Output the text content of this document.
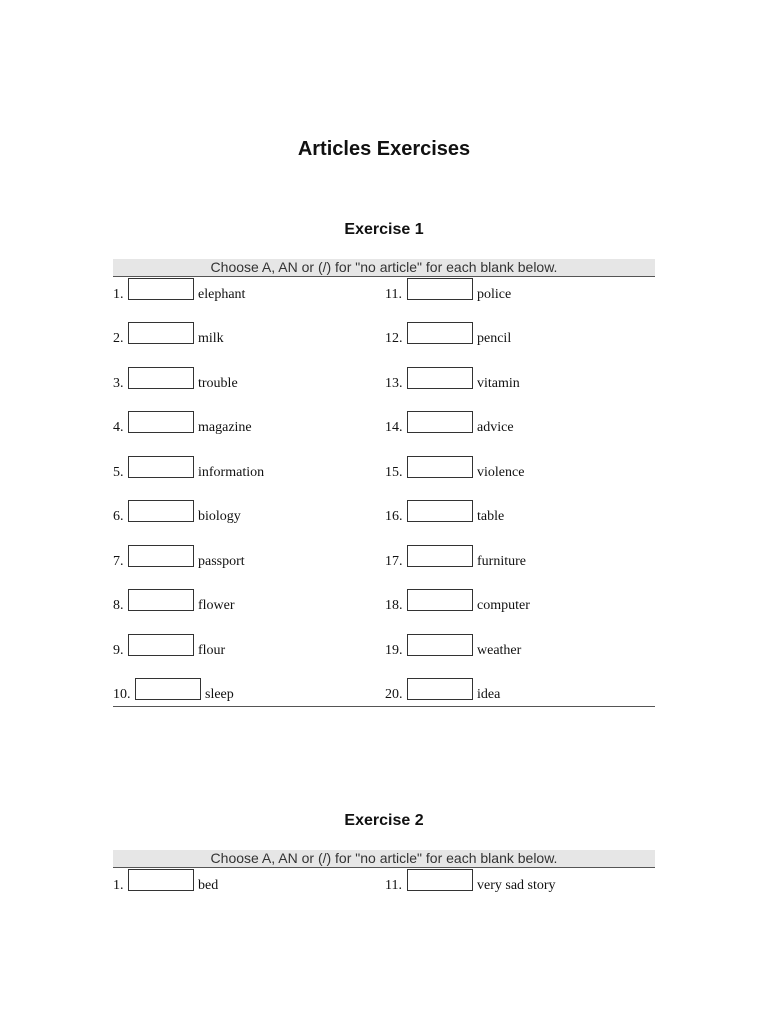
Articles Exercises
Exercise 1
Choose A, AN or (/) for "no article" for each blank below.
1.	elephant
2.	milk
3.	trouble
4.	magazine
5.	information
6.	biology
7.	passport
8.	flower
9.	flour
10.	sleep
11.	police
12.	pencil
13.	vitamin
14.	advice
15.	violence
16.	table
17.	furniture
18.	computer
19.	weather
20.	idea
Exercise 2
Choose A, AN or (/) for "no article" for each blank below.
1.	bed	11.	very sad story
